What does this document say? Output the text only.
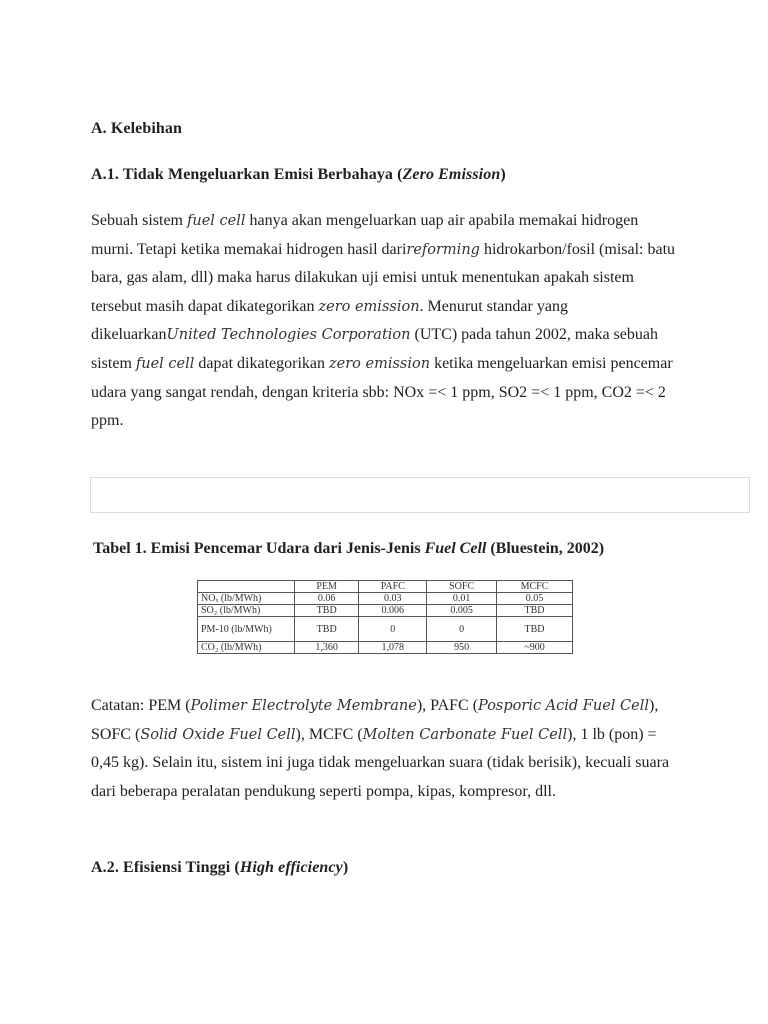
A. Kelebihan
A.1. Tidak Mengeluarkan Emisi Berbahaya (Zero Emission)

Sebuah sistem fuel cell hanya akan mengeluarkan uap air apabila memakai hidrogen murni. Tetapi ketika memakai hidrogen hasil darireforming hidrokarbon/fosil (misal: batu bara, gas alam, dll) maka harus dilakukan uji emisi untuk menentukan apakah sistem tersebut masih dapat dikategorikan zero emission. Menurut standar yang dikeluarkanUnited Technologies Corporation (UTC) pada tahun 2002, maka sebuah sistem fuel cell dapat dikategorikan zero emission ketika mengeluarkan emisi pencemar udara yang sangat rendah, dengan kriteria sbb: NOx =< 1 ppm, SO2 =< 1 ppm, CO2 =< 2 ppm.

Catatan: PEM (Polimer Electrolyte Membrane), PAFC (Posporic Acid Fuel Cell), SOFC (Solid Oxide Fuel Cell), MCFC (Molten Carbonate Fuel Cell), 1 lb (pon) = 0,45 kg). Selain itu, sistem ini juga tidak mengeluarkan suara (tidak berisik), kecuali suara dari beberapa peralatan pendukung seperti pompa, kipas, kompresor, dll.

A.2. Efisiensi Tinggi (High efficiency)

Tabel 1. Emisi Pencemar Udara dari Jenis-Jenis Fuel Cell (Bluestein, 2002)

	PEM	PAFC	SOFC	MCFC
NOₓ (lb/MWh)	0.06	0.03	0.01	0.05
SO₂ (lb/MWh)	TBD	0.006	0.005	TBD
PM-10 (lb/MWh)	TBD	0	0	TBD
CO₂ (lb/MWh)	1,360	1,078	950	~900
